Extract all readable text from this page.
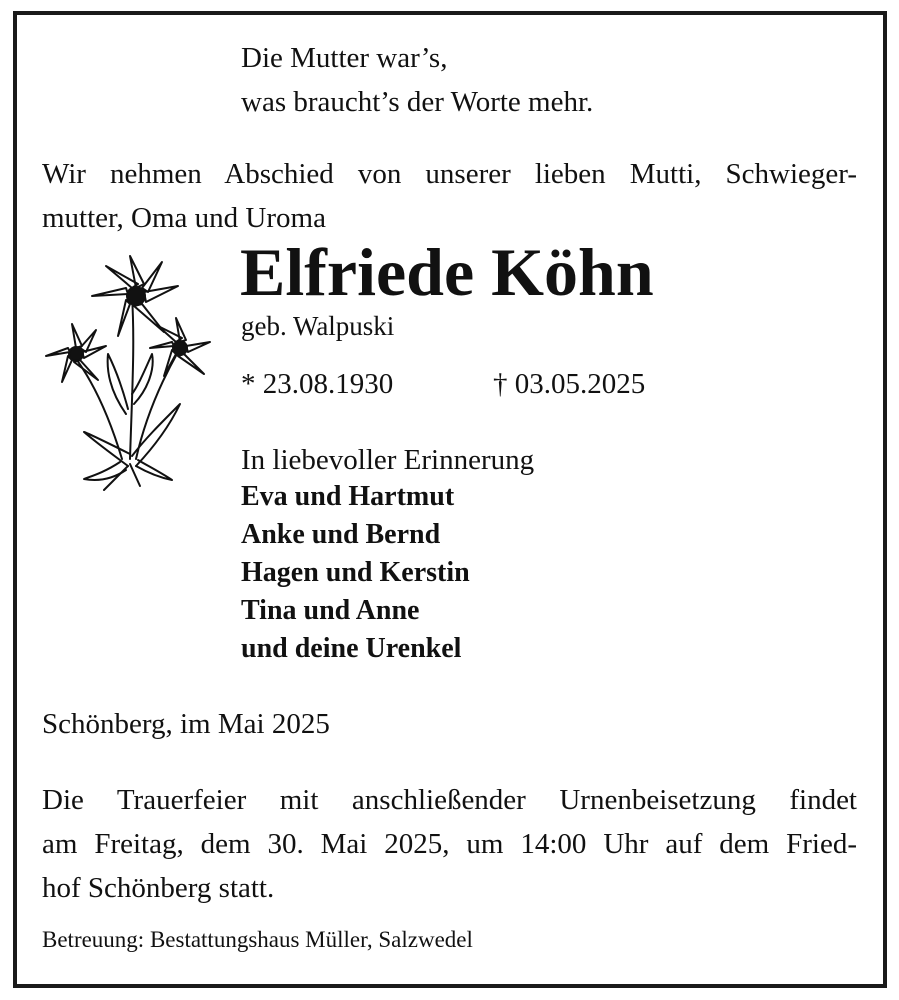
Die Mutter war’s,
was braucht’s der Worte mehr.
Wir nehmen Abschied von unserer lieben Mutti, Schwieger-
mutter, Oma und Uroma
Elfriede Köhn
geb. Walpuski
* 23.08.1930	† 03.05.2025
In liebevoller Erinnerung
Eva und Hartmut
Anke und Bernd
Hagen und Kerstin
Tina und Anne
und deine Urenkel
Schönberg, im Mai 2025
Die Trauerfeier mit anschließender Urnenbeisetzung findet
am Freitag, dem 30. Mai 2025, um 14:00 Uhr auf dem Fried-
hof Schönberg statt.
Betreuung: Bestattungshaus Müller, Salzwedel
